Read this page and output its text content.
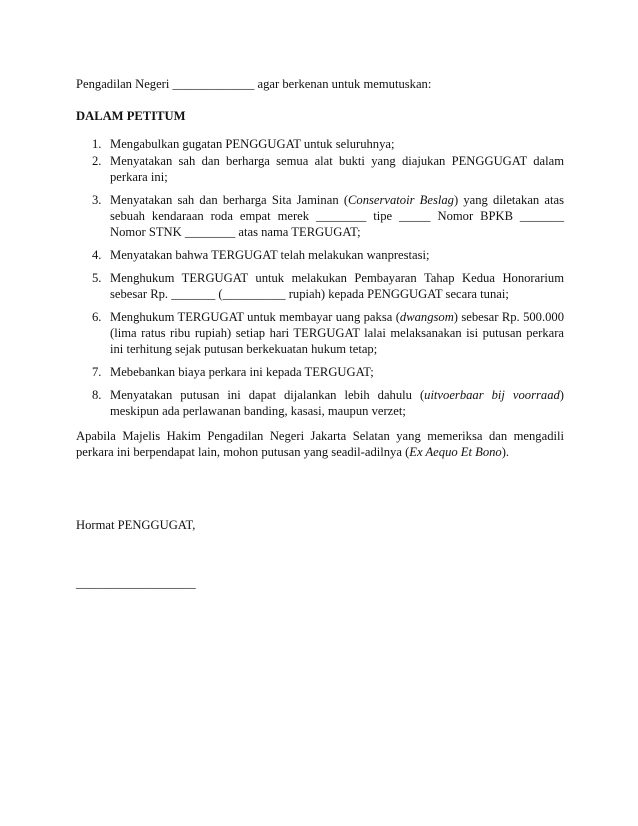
Pengadilan Negeri _____________ agar berkenan untuk memutuskan:

DALAM PETITUM

1. Mengabulkan gugatan PENGGUGAT untuk seluruhnya;
2. Menyatakan sah dan berharga semua alat bukti yang diajukan PENGGUGAT dalam perkara ini;
3. Menyatakan sah dan berharga Sita Jaminan (Conservatoir Beslag) yang diletakan atas sebuah kendaraan roda empat merek ________ tipe _____ Nomor BPKB _______ Nomor STNK ________ atas nama TERGUGAT;
4. Menyatakan bahwa TERGUGAT telah melakukan wanprestasi;
5. Menghukum TERGUGAT untuk melakukan Pembayaran Tahap Kedua Honorarium sebesar Rp. _______ (__________ rupiah) kepada PENGGUGAT secara tunai;
6. Menghukum TERGUGAT untuk membayar uang paksa (dwangsom) sebesar Rp. 500.000 (lima ratus ribu rupiah) setiap hari TERGUGAT lalai melaksanakan isi putusan perkara ini terhitung sejak putusan berkekuatan hukum tetap;
7. Mebebankan biaya perkara ini kepada TERGUGAT;
8. Menyatakan putusan ini dapat dijalankan lebih dahulu (uitvoerbaar bij voorraad) meskipun ada perlawanan banding, kasasi, maupun verzet;

Apabila Majelis Hakim Pengadilan Negeri Jakarta Selatan yang memeriksa dan mengadili perkara ini berpendapat lain, mohon putusan yang seadil-adilnya (Ex Aequo Et Bono).

Hormat PENGGUGAT,

___________________
